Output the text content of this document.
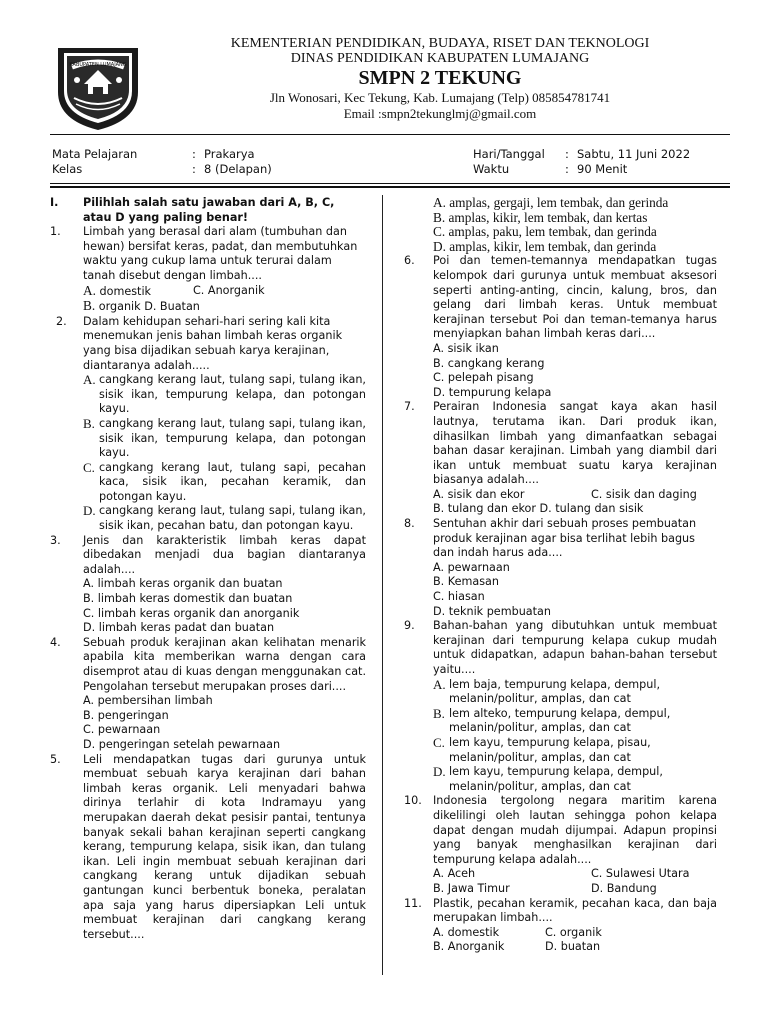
KABUPATEN LUMAJANG
KEMENTERIAN PENDIDIKAN, BUDAYA, RISET DAN TEKNOLOGI
DINAS PENDIDIKAN KABUPATEN LUMAJANG
SMPN 2 TEKUNG
Jln Wonosari, Kec Tekung, Kab. Lumajang (Telp) 085854781741
Email :smpn2tekunglmj@gmail.com
Mata Pelajaran	: Prakarya
Kelas	: 8 (Delapan)
Hari/Tanggal	: Sabtu, 11 Juni 2022
Waktu	: 90 Menit
I.	Pilihlah salah satu jawaban dari A, B, C, atau D yang paling benar!
1.	Limbah yang berasal dari alam (tumbuhan dan hewan) bersifat keras, padat, dan membutuhkan waktu yang cukup lama untuk terurai dalam tanah disebut dengan limbah....
A. domestik	C. Anorganik
B. organik D. Buatan
2.	Dalam kehidupan sehari-hari sering kali kita menemukan jenis bahan limbah keras organik yang bisa dijadikan sebuah karya kerajinan, diantaranya adalah.....
A. cangkang kerang laut, tulang sapi, tulang ikan, sisik ikan, tempurung kelapa, dan potongan kayu.
B. cangkang kerang laut, tulang sapi, tulang ikan, sisik ikan, tempurung kelapa, dan potongan kayu.
C. cangkang kerang laut, tulang sapi, pecahan kaca, sisik ikan, pecahan keramik, dan potongan kayu.
D. cangkang kerang laut, tulang sapi, tulang ikan, sisik ikan, pecahan batu, dan potongan kayu.
3.	Jenis dan karakteristik limbah keras dapat dibedakan menjadi dua bagian diantaranya adalah....
A. limbah keras organik dan buatan
B. limbah keras domestik dan buatan
C. limbah keras organik dan anorganik
D. limbah keras padat dan buatan
4.	Sebuah produk kerajinan akan kelihatan menarik apabila kita memberikan warna dengan cara disemprot atau di kuas dengan menggunakan cat. Pengolahan tersebut merupakan proses dari....
A. pembersihan limbah
B. pengeringan
C. pewarnaan
D. pengeringan setelah pewarnaan
5.	Leli mendapatkan tugas dari gurunya untuk membuat sebuah karya kerajinan dari bahan limbah keras organik. Leli menyadari bahwa dirinya terlahir di kota Indramayu yang merupakan daerah dekat pesisir pantai, tentunya banyak sekali bahan kerajinan seperti cangkang kerang, tempurung kelapa, sisik ikan, dan tulang ikan. Leli ingin membuat sebuah kerajinan dari cangkang kerang untuk dijadikan sebuah gantungan kunci berbentuk boneka, peralatan apa saja yang harus dipersiapkan Leli untuk membuat kerajinan dari cangkang kerang tersebut....
A. amplas, gergaji, lem tembak, dan gerinda
B. amplas, kikir, lem tembak, dan kertas
C. amplas, paku, lem tembak, dan gerinda
D. amplas, kikir, lem tembak, dan gerinda
6.	Poi dan temen-temannya mendapatkan tugas kelompok dari gurunya untuk membuat aksesori seperti anting-anting, cincin, kalung, bros, dan gelang dari limbah keras. Untuk membuat kerajinan tersebut Poi dan teman-temanya harus menyiapkan bahan limbah keras dari....
A. sisik ikan
B. cangkang kerang
C. pelepah pisang
D. tempurung kelapa
7.	Perairan Indonesia sangat kaya akan hasil lautnya, terutama ikan. Dari produk ikan, dihasilkan limbah yang dimanfaatkan sebagai bahan dasar kerajinan. Limbah yang diambil dari ikan untuk membuat suatu karya kerajinan biasanya adalah....
A. sisik dan ekor	C. sisik dan daging
B. tulang dan ekor D. tulang dan sisik
8.	Sentuhan akhir dari sebuah proses pembuatan produk kerajinan agar bisa terlihat lebih bagus dan indah harus ada....
A. pewarnaan
B. Kemasan
C. hiasan
D. teknik pembuatan
9.	Bahan-bahan yang dibutuhkan untuk membuat kerajinan dari tempurung kelapa cukup mudah untuk didapatkan, adapun bahan-bahan tersebut yaitu....
A. lem baja, tempurung kelapa, dempul, melanin/politur, amplas, dan cat
B. lem alteko, tempurung kelapa, dempul, melanin/politur, amplas, dan cat
C. lem kayu, tempurung kelapa, pisau, melanin/politur, amplas, dan cat
D. lem kayu, tempurung kelapa, dempul, melanin/politur, amplas, dan cat
10.	Indonesia tergolong negara maritim karena dikelilingi oleh lautan sehingga pohon kelapa dapat dengan mudah dijumpai. Adapun propinsi yang banyak menghasilkan kerajinan dari tempurung kelapa adalah....
A. Aceh	C. Sulawesi Utara
B. Jawa Timur	D. Bandung
11.	Plastik, pecahan keramik, pecahan kaca, dan baja merupakan limbah....
A. domestik	C. organik
B. Anorganik	D. buatan
